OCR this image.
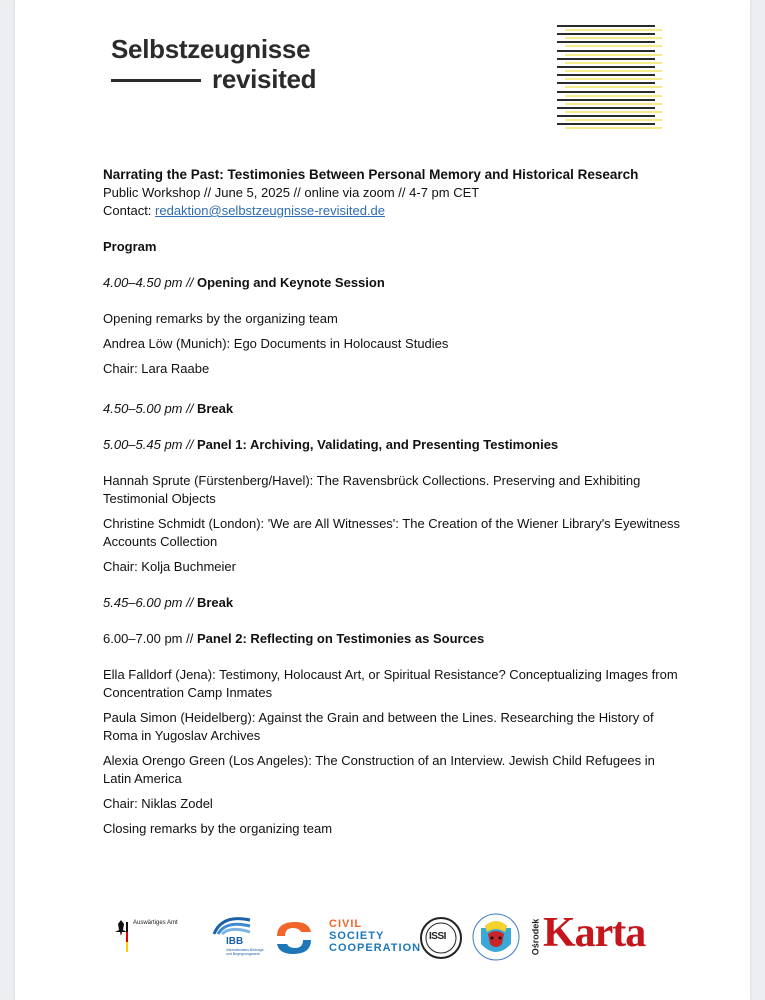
Selbstzeugnisse
revisited

Narrating the Past: Testimonies Between Personal Memory and Historical Research

Public Workshop // June 5, 2025 // online via zoom // 4-7 pm CET

Contact: redaktion@selbstzeugnisse-revisited.de

Program

4.00–4.50 pm // Opening and Keynote Session

Opening remarks by the organizing team

Andrea Löw (Munich): Ego Documents in Holocaust Studies

Chair: Lara Raabe

4.50–5.00 pm // Break

5.00–5.45 pm // Panel 1: Archiving, Validating, and Presenting Testimonies

Hannah Sprute (Fürstenberg/Havel): The Ravensbrück Collections. Preserving and Exhibiting Testimonial Objects

Christine Schmidt (London): 'We are All Witnesses': The Creation of the Wiener Library's Eyewitness Accounts Collection

Chair: Kolja Buchmeier

5.45–6.00 pm // Break

6.00–7.00 pm // Panel 2: Reflecting on Testimonies as Sources

Ella Falldorf (Jena): Testimony, Holocaust Art, or Spiritual Resistance? Conceptualizing Images from Concentration Camp Inmates

Paula Simon (Heidelberg): Against the Grain and between the Lines. Researching the History of Roma in Yugoslav Archives

Alexia Orengo Green (Los Angeles): The Construction of an Interview. Jewish Child Refugees in Latin America

Chair: Niklas Zodel

Closing remarks by the organizing team

Auswärtiges Amt
IBB
Internationales Bildungs- und Begegnungswerk
CIVIL
SOCIETY
COOPERATION
ISSI	Ośrodek Karta
